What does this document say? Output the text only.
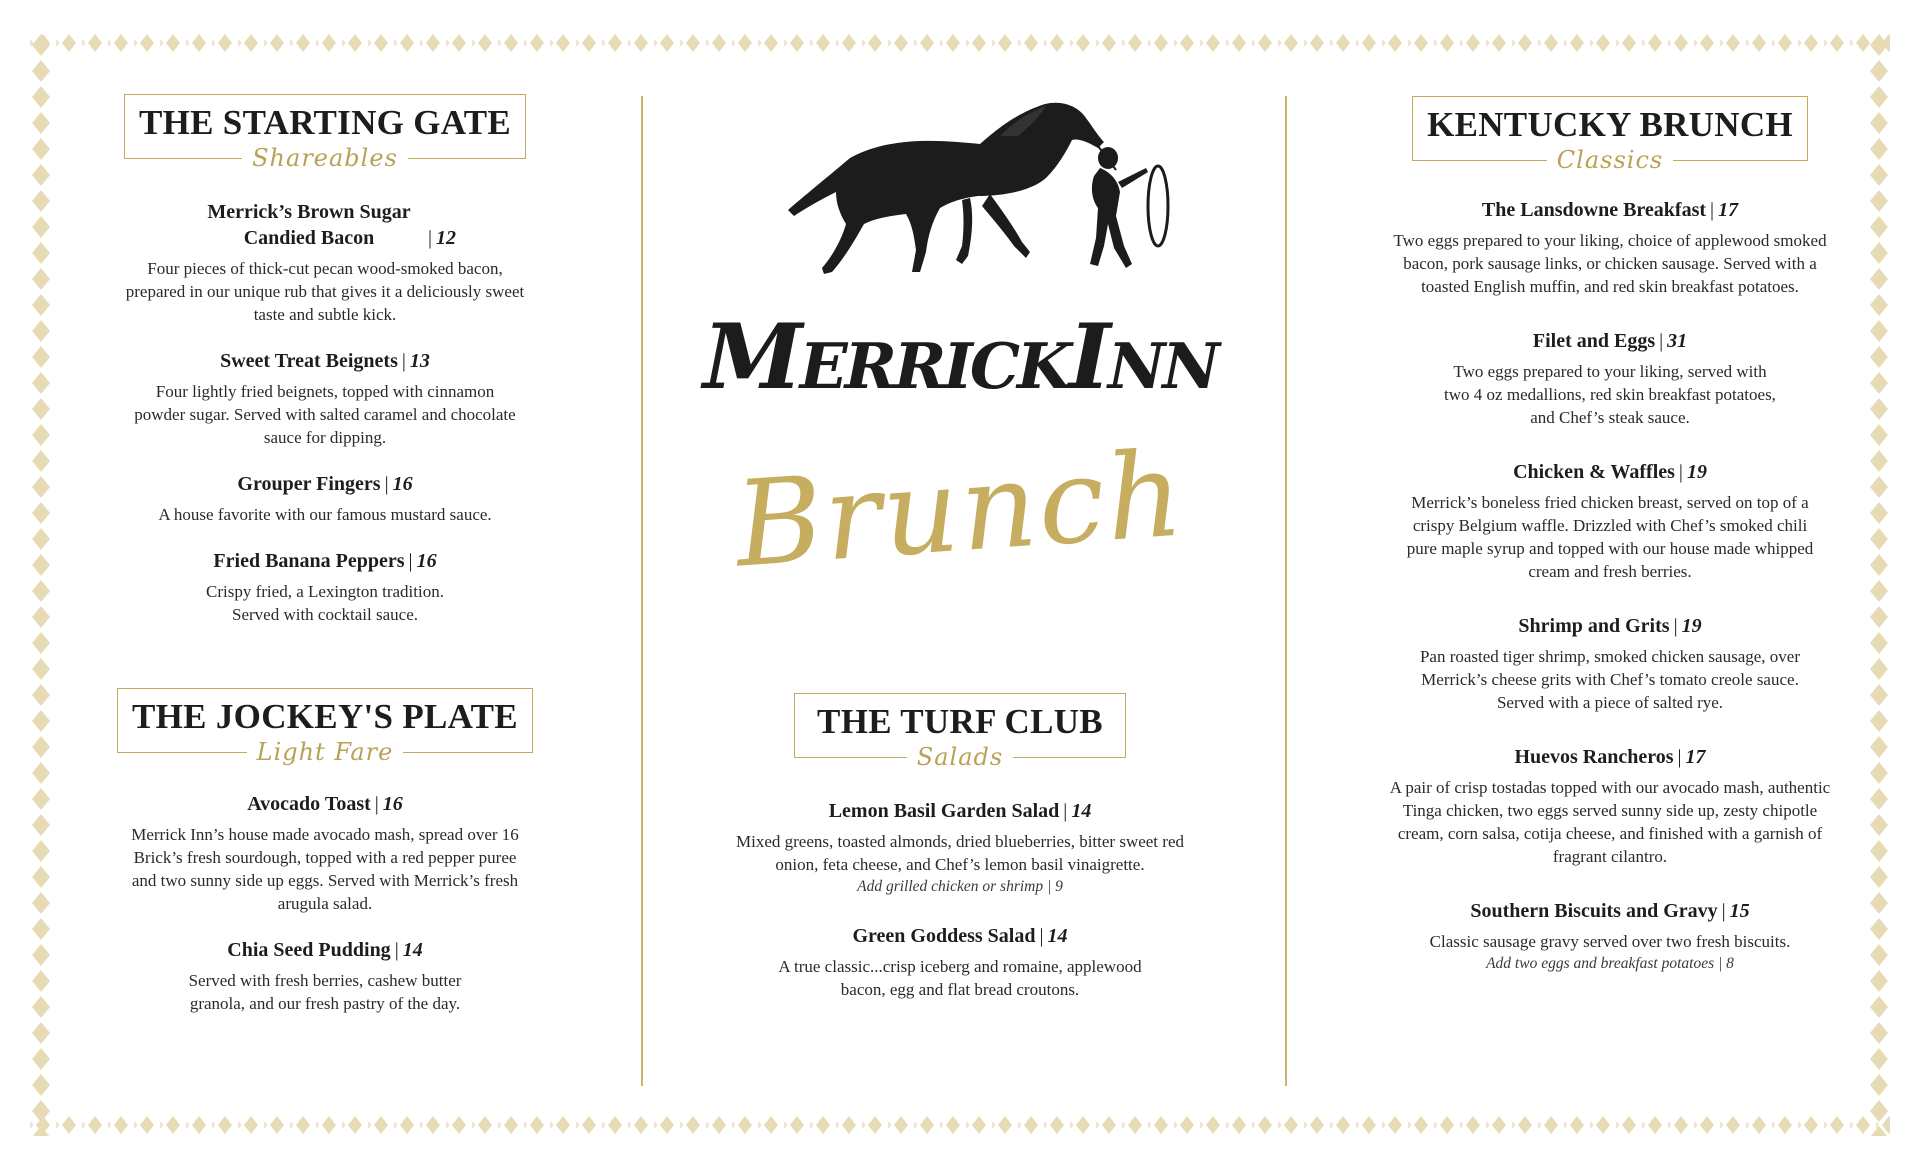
THE STARTING GATE
Shareables
Merrick’s Brown Sugar Candied Bacon	| 12
Four pieces of thick-cut pecan wood-smoked bacon, prepared in our unique rub that gives it a deliciously sweet taste and subtle kick.
Sweet Treat Beignets | 13
Four lightly fried beignets, topped with cinnamon powder sugar. Served with salted caramel and chocolate sauce for dipping.
Grouper Fingers | 16
A house favorite with our famous mustard sauce.
Fried Banana Peppers | 16
Crispy fried, a Lexington tradition. Served with cocktail sauce.
THE JOCKEY'S PLATE
Light Fare
Avocado Toast | 16
Merrick Inn’s house made avocado mash, spread over 16 Brick’s fresh sourdough, topped with a red pepper puree and two sunny side up eggs. Served with Merrick’s fresh arugula salad.
Chia Seed Pudding | 14
Served with fresh berries, cashew butter granola, and our fresh pastry of the day.
MerrickInn
Brunch
THE TURF CLUB
Salads
Lemon Basil Garden Salad | 14
Mixed greens, toasted almonds, dried blueberries, bitter sweet red onion, feta cheese, and Chef’s lemon basil vinaigrette.
Add grilled chicken or shrimp | 9
Green Goddess Salad | 14
A true classic...crisp iceberg and romaine, applewood bacon, egg and flat bread croutons.
KENTUCKY BRUNCH
Classics
The Lansdowne Breakfast | 17
Two eggs prepared to your liking, choice of applewood smoked bacon, pork sausage links, or chicken sausage. Served with a toasted English muffin, and red skin breakfast potatoes.
Filet and Eggs | 31
Two eggs prepared to your liking, served with two 4 oz medallions, red skin breakfast potatoes, and Chef’s steak sauce.
Chicken & Waffles | 19
Merrick’s boneless fried chicken breast, served on top of a crispy Belgium waffle. Drizzled with Chef’s smoked chili pure maple syrup and topped with our house made whipped cream and fresh berries.
Shrimp and Grits | 19
Pan roasted tiger shrimp, smoked chicken sausage, over Merrick’s cheese grits with Chef’s tomato creole sauce. Served with a piece of salted rye.
Huevos Rancheros | 17
A pair of crisp tostadas topped with our avocado mash, authentic Tinga chicken, two eggs served sunny side up, zesty chipotle cream, corn salsa, cotija cheese, and finished with a garnish of fragrant cilantro.
Southern Biscuits and Gravy | 15
Classic sausage gravy served over two fresh biscuits.
Add two eggs and breakfast potatoes | 8
